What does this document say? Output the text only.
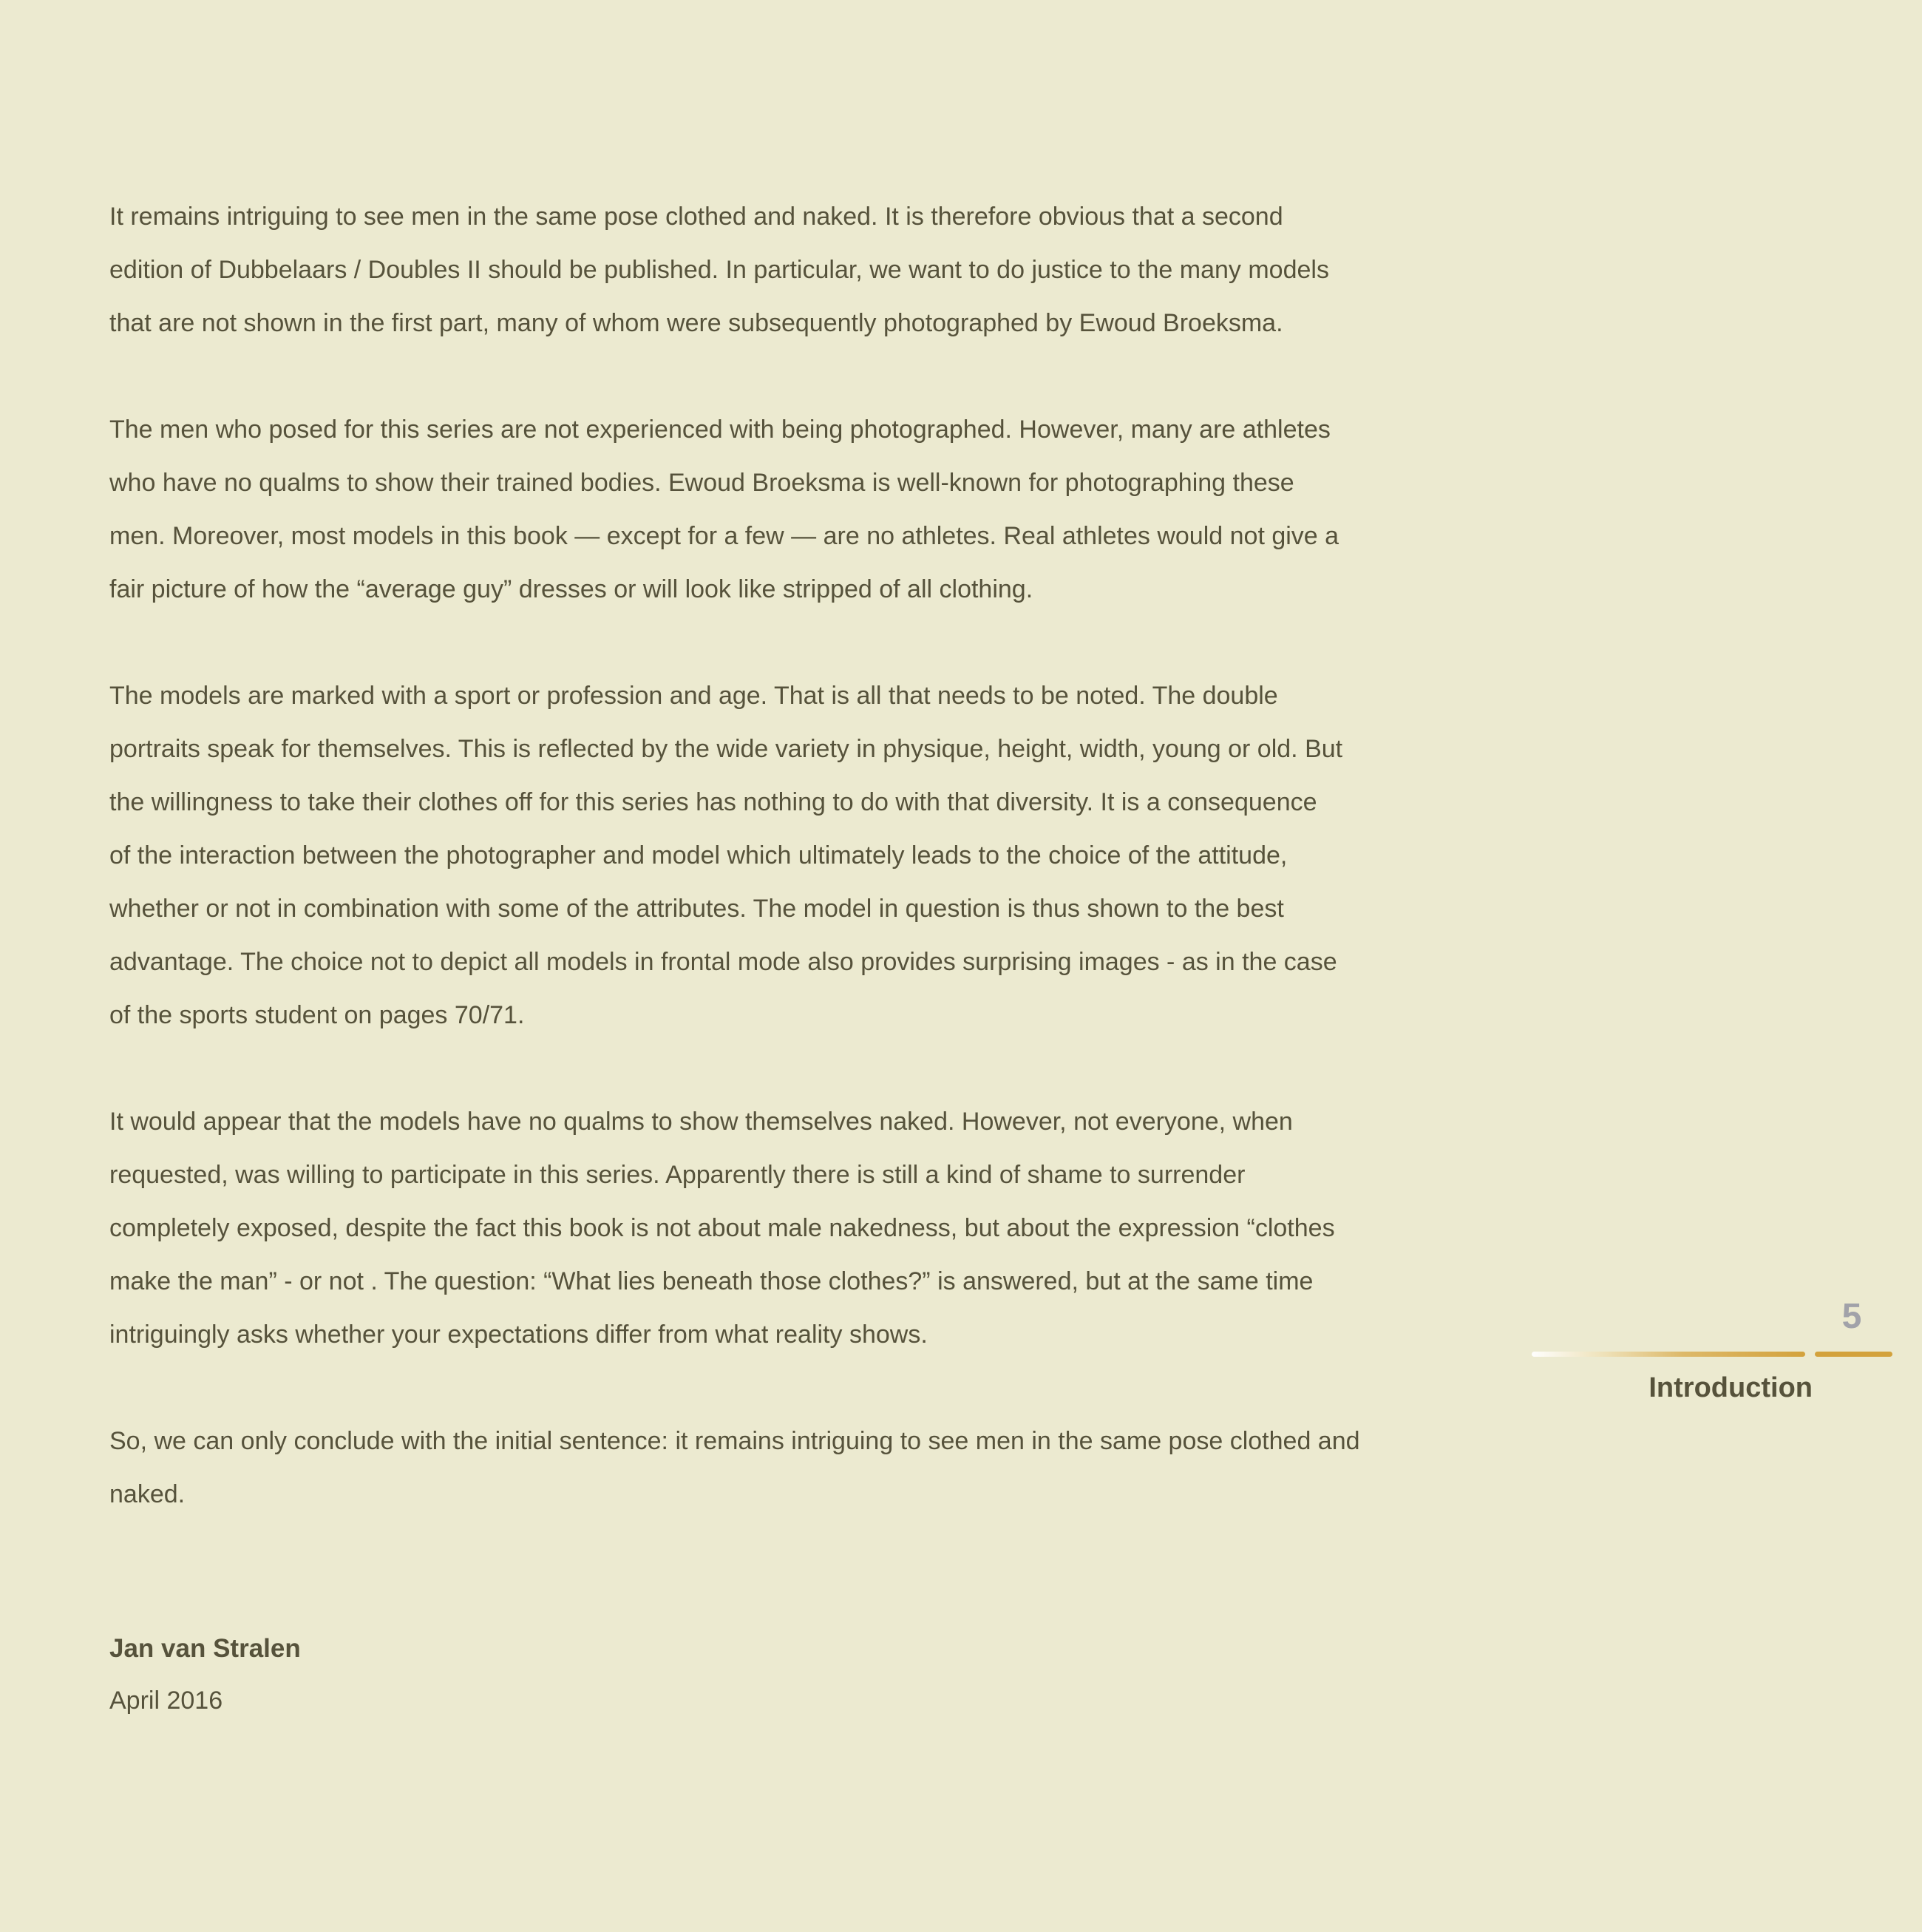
It remains intriguing to see men in the same pose clothed and naked. It is therefore obvious that a second
edition of Dubbelaars / Doubles II should be published. In particular, we want to do justice to the many models
that are not shown in the first part, many of whom were subsequently photographed by Ewoud Broeksma.
The men who posed for this series are not experienced with being photographed. However, many are athletes
who have no qualms to show their trained bodies. Ewoud Broeksma is well-known for photographing these
men. Moreover, most models in this book — except for a few — are no athletes. Real athletes would not give a
fair picture of how the “average guy” dresses or will look like stripped of all clothing.
The models are marked with a sport or profession and age. That is all that needs to be noted. The double
portraits speak for themselves. This is reflected by the wide variety in physique, height, width, young or old. But
the willingness to take their clothes off for this series has nothing to do with that diversity. It is a consequence
of the interaction between the photographer and model which ultimately leads to the choice of the attitude,
whether or not in combination with some of the attributes. The model in question is thus shown to the best
advantage. The choice not to depict all models in frontal mode also provides surprising images - as in the case
of the sports student on pages 70/71.
It would appear that the models have no qualms to show themselves naked. However, not everyone, when
requested, was willing to participate in this series. Apparently there is still a kind of shame to surrender
completely exposed, despite the fact this book is not about male nakedness, but about the expression “clothes
make the man” - or not . The question: “What lies beneath those clothes?” is answered, but at the same time
intriguingly asks whether your expectations differ from what reality shows.
So, we can only conclude with the initial sentence: it remains intriguing to see men in the same pose clothed and
naked.
Jan van Stralen
April 2016
5
Introduction
